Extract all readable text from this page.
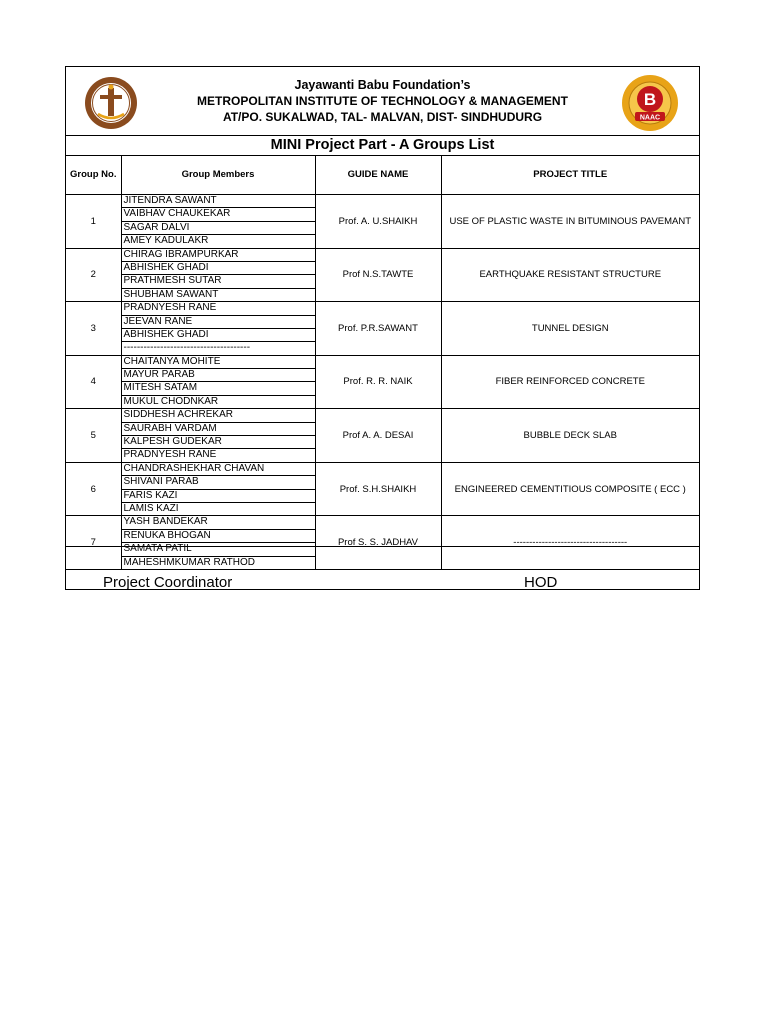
Jayawanti Babu Foundation’s
METROPOLITAN INSTITUTE OF TECHNOLOGY & MANAGEMENT
AT/PO. SUKALWAD, TAL- MALVAN, DIST- SINDHUDURG
B
NAAC
MINI Project Part - A Groups List
Group No.	Group Members	GUIDE NAME	PROJECT TITLE
1	JITENDRA SAWANT
VAIBHAV CHAUKEKAR
SAGAR DALVI
AMEY KADULAKR	Prof. A. U.SHAIKH	USE OF PLASTIC WASTE IN BITUMINOUS PAVEMANT
2	CHIRAG IBRAMPURKAR
ABHISHEK GHADI
PRATHMESH SUTAR
SHUBHAM SAWANT	Prof N.S.TAWTE	EARTHQUAKE RESISTANT STRUCTURE
3	PRADNYESH RANE
JEEVAN RANE
ABHISHEK GHADI
--------------------------------------	Prof. P.R.SAWANT	TUNNEL DESIGN
4	CHAITANYA MOHITE
MAYUR PARAB
MITESH SATAM
MUKUL CHODNKAR	Prof. R. R. NAIK	FIBER REINFORCED CONCRETE
5	SIDDHESH ACHREKAR
SAURABH VARDAM
KALPESH GUDEKAR
PRADNYESH RANE	Prof A. A. DESAI	BUBBLE DECK SLAB
6	CHANDRASHEKHAR CHAVAN
SHIVANI PARAB
FARIS KAZI
LAMIS KAZI	Prof. S.H.SHAIKH	ENGINEERED CEMENTITIOUS COMPOSITE ( ECC )
7	YASH BANDEKAR
RENUKA BHOGAN
SAMATA PATIL
MAHESHMKUMAR RATHOD	Prof S. S. JADHAV	------------------------------------
Project Coordinator	HOD
